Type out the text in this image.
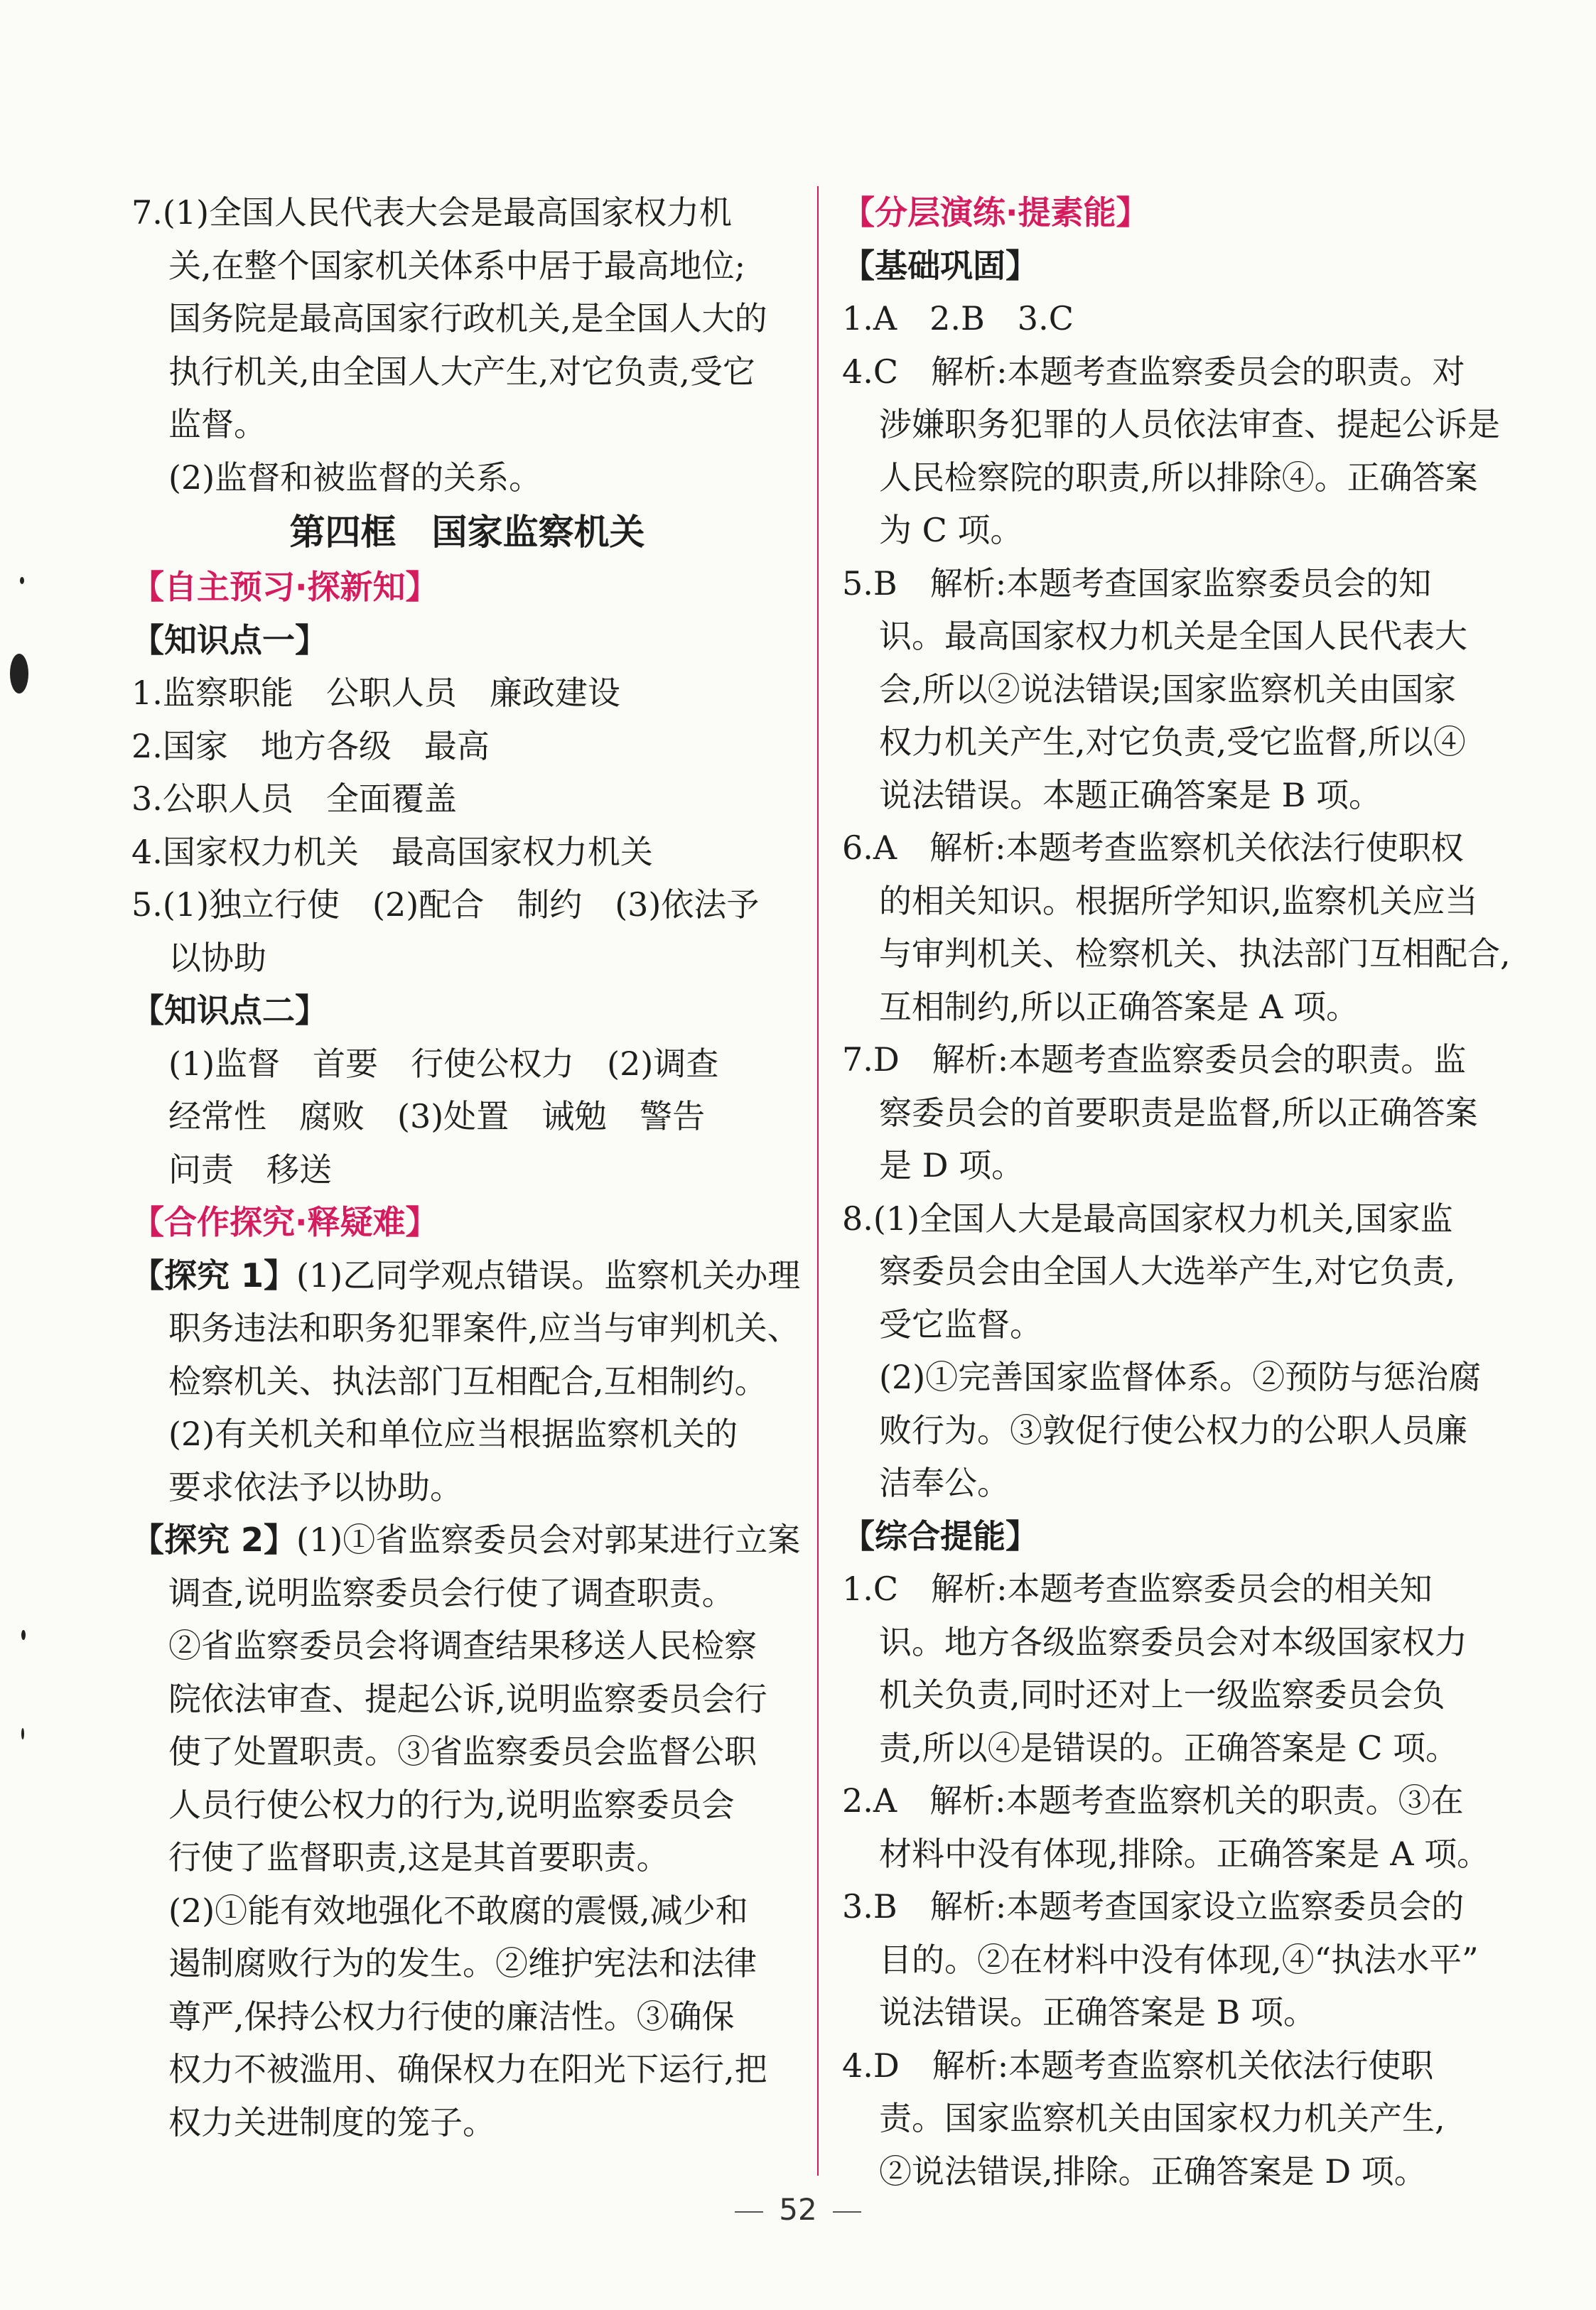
7.(1)全国人民代表大会是最高国家权力机
关,在整个国家机关体系中居于最高地位;
国务院是最高国家行政机关,是全国人大的
执行机关,由全国人大产生,对它负责,受它
监督。
(2)监督和被监督的关系。
第四框　国家监察机关
【自主预习·探新知】
【知识点一】
1.监察职能　公职人员　廉政建设
2.国家　地方各级　最高
3.公职人员　全面覆盖
4.国家权力机关　最高国家权力机关
5.(1)独立行使　(2)配合　制约　(3)依法予
以协助
【知识点二】
(1)监督　首要　行使公权力　(2)调查
经常性　腐败　(3)处置　诫勉　警告
问责　移送
【合作探究·释疑难】
【探究 1】(1)乙同学观点错误。监察机关办理
职务违法和职务犯罪案件,应当与审判机关、
检察机关、执法部门互相配合,互相制约。
(2)有关机关和单位应当根据监察机关的
要求依法予以协助。
【探究 2】(1)①省监察委员会对郭某进行立案
调查,说明监察委员会行使了调查职责。
②省监察委员会将调查结果移送人民检察
院依法审查、提起公诉,说明监察委员会行
使了处置职责。③省监察委员会监督公职
人员行使公权力的行为,说明监察委员会
行使了监督职责,这是其首要职责。
(2)①能有效地强化不敢腐的震慑,减少和
遏制腐败行为的发生。②维护宪法和法律
尊严,保持公权力行使的廉洁性。③确保
权力不被滥用、确保权力在阳光下运行,把
权力关进制度的笼子。
【分层演练·提素能】
【基础巩固】
1.A　2.B　3.C
4.C　解析:本题考查监察委员会的职责。对
涉嫌职务犯罪的人员依法审查、提起公诉是
人民检察院的职责,所以排除④。正确答案
为 C 项。
5.B　解析:本题考查国家监察委员会的知
识。最高国家权力机关是全国人民代表大
会,所以②说法错误;国家监察机关由国家
权力机关产生,对它负责,受它监督,所以④
说法错误。本题正确答案是 B 项。
6.A　解析:本题考查监察机关依法行使职权
的相关知识。根据所学知识,监察机关应当
与审判机关、检察机关、执法部门互相配合,
互相制约,所以正确答案是 A 项。
7.D　解析:本题考查监察委员会的职责。监
察委员会的首要职责是监督,所以正确答案
是 D 项。
8.(1)全国人大是最高国家权力机关,国家监
察委员会由全国人大选举产生,对它负责,
受它监督。
(2)①完善国家监督体系。②预防与惩治腐
败行为。③敦促行使公权力的公职人员廉
洁奉公。
【综合提能】
1.C　解析:本题考查监察委员会的相关知
识。地方各级监察委员会对本级国家权力
机关负责,同时还对上一级监察委员会负
责,所以④是错误的。正确答案是 C 项。
2.A　解析:本题考查监察机关的职责。③在
材料中没有体现,排除。正确答案是 A 项。
3.B　解析:本题考查国家设立监察委员会的
目的。②在材料中没有体现,④“执法水平”
说法错误。正确答案是 B 项。
4.D　解析:本题考查监察机关依法行使职
责。国家监察机关由国家权力机关产生,
②说法错误,排除。正确答案是 D 项。
52
